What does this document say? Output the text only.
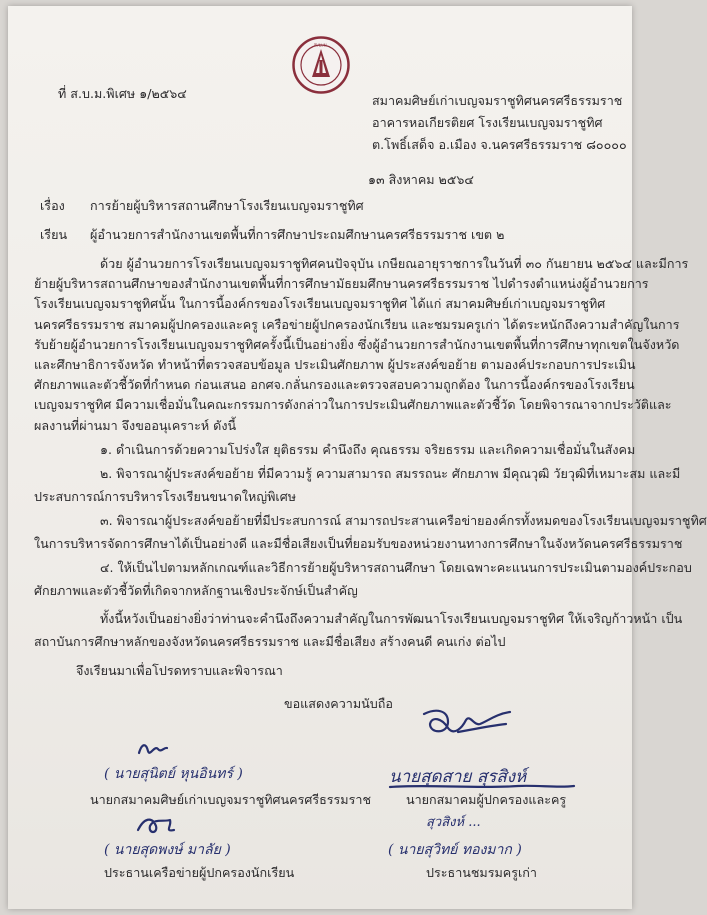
ส.บ.ม.
ที่ ส.บ.ม.พิเศษ ๑/๒๕๖๔	สมาคมศิษย์เก่าเบญจมราชูทิศนครศรีธรรมราช
อาคารหอเกียรติยศ โรงเรียนเบญจมราชูทิศ
ต.โพธิ์เสด็จ อ.เมือง จ.นครศรีธรรมราช ๘๐๐๐๐
๑๓ สิงหาคม ๒๕๖๔
เรื่อง การย้ายผู้บริหารสถานศึกษาโรงเรียนเบญจมราชูทิศ
เรียน ผู้อำนวยการสำนักงานเขตพื้นที่การศึกษาประถมศึกษานครศรีธรรมราช เขต ๒
ด้วย ผู้อำนวยการโรงเรียนเบญจมราชูทิศคนปัจจุบัน เกษียณอายุราชการในวันที่ ๓๐ กันยายน ๒๕๖๔ และมีการ
ย้ายผู้บริหารสถานศึกษาของสำนักงานเขตพื้นที่การศึกษามัธยมศึกษานครศรีธรรมราช ไปดำรงตำแหน่งผู้อำนวยการ
โรงเรียนเบญจมราชูทิศนั้น ในการนี้องค์กรของโรงเรียนเบญจมราชูทิศ ได้แก่ สมาคมศิษย์เก่าเบญจมราชูทิศ
นครศรีธรรมราช สมาคมผู้ปกครองและครู เครือข่ายผู้ปกครองนักเรียน และชมรมครูเก่า ได้ตระหนักถึงความสำคัญในการ
รับย้ายผู้อำนวยการโรงเรียนเบญจมราชูทิศครั้งนี้เป็นอย่างยิ่ง ซึ่งผู้อำนวยการสำนักงานเขตพื้นที่การศึกษาทุกเขตในจังหวัด
และศึกษาธิการจังหวัด ทำหน้าที่ตรวจสอบข้อมูล ประเมินศักยภาพ ผู้ประสงค์ขอย้าย ตามองค์ประกอบการประเมิน
ศักยภาพและตัวชี้วัดที่กำหนด ก่อนเสนอ อกศจ.กลั่นกรองและตรวจสอบความถูกต้อง ในการนี้องค์กรของโรงเรียน
เบญจมราชูทิศ มีความเชื่อมั่นในคณะกรรมการดังกล่าวในการประเมินศักยภาพและตัวชี้วัด โดยพิจารณาจากประวัติและ
ผลงานที่ผ่านมา จึงขออนุเคราะห์ ดังนี้
๑. ดำเนินการด้วยความโปร่งใส ยุติธรรม คำนึงถึง คุณธรรม จริยธรรม และเกิดความเชื่อมั่นในสังคม
๒. พิจารณาผู้ประสงค์ขอย้าย ที่มีความรู้ ความสามารถ สมรรถนะ ศักยภาพ มีคุณวุฒิ วัยวุฒิที่เหมาะสม และมี
ประสบการณ์การบริหารโรงเรียนขนาดใหญ่พิเศษ
๓. พิจารณาผู้ประสงค์ขอย้ายที่มีประสบการณ์ สามารถประสานเครือข่ายองค์กรทั้งหมดของโรงเรียนเบญจมราชูทิศ
ในการบริหารจัดการศึกษาได้เป็นอย่างดี และมีชื่อเสียงเป็นที่ยอมรับของหน่วยงานทางการศึกษาในจังหวัดนครศรีธรรมราช
๔. ให้เป็นไปตามหลักเกณฑ์และวิธีการย้ายผู้บริหารสถานศึกษา โดยเฉพาะคะแนนการประเมินตามองค์ประกอบ
ศักยภาพและตัวชี้วัดที่เกิดจากหลักฐานเชิงประจักษ์เป็นสำคัญ
ทั้งนี้หวังเป็นอย่างยิ่งว่าท่านจะคำนึงถึงความสำคัญในการพัฒนาโรงเรียนเบญจมราชูทิศ ให้เจริญก้าวหน้า เป็น
สถาบันการศึกษาหลักของจังหวัดนครศรีธรรมราช และมีชื่อเสียง สร้างคนดี คนเก่ง ต่อไป
จึงเรียนมาเพื่อโปรดทราบและพิจารณา
ขอแสดงความนับถือ
( นายสุนิตย์ หุนอินทร์ )
นายกสมาคมศิษย์เก่าเบญจมราชูทิศนครศรีธรรมราช
นายสุดสาย สุรสิงห์
นายกสมาคมผู้ปกครองและครู
สุวสิงห์ ...
( นายสุดพงษ์ มาลัย )
ประธานเครือข่ายผู้ปกครองนักเรียน
( นายสุวิทย์ ทองมาก )
ประธานชมรมครูเก่า
